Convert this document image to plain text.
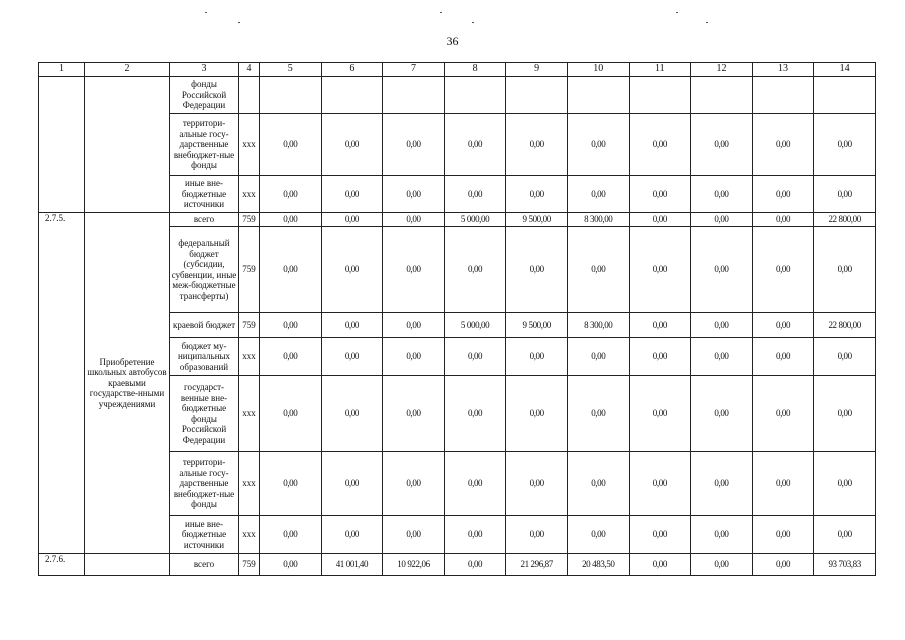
36
1	2	3	4	5	6	7	8	9	10	11	12	13	14
		фонды Российской Федерации											
		территори-альные госу-дарственные внебюджет-ные фонды	ххх	0,00	0,00	0,00	0,00	0,00	0,00	0,00	0,00	0,00	0,00
		иные вне-бюджетные источники	ххх	0,00	0,00	0,00	0,00	0,00	0,00	0,00	0,00	0,00	0,00
2.7.5.	Приобретение школьных автобусов краевыми государстве-нными учреждениями	всего	759	0,00	0,00	0,00	5 000,00	9 500,00	8 300,00	0,00	0,00	0,00	22 800,00
		федеральный бюджет (субсидии, субвенции, иные меж-бюджетные трансферты)	759	0,00	0,00	0,00	0,00	0,00	0,00	0,00	0,00	0,00	0,00
		краевой бюджет	759	0,00	0,00	0,00	5 000,00	9 500,00	8 300,00	0,00	0,00	0,00	22 800,00
		бюджет му-ниципальных образований	ххх	0,00	0,00	0,00	0,00	0,00	0,00	0,00	0,00	0,00	0,00
		государст-венные вне-бюджетные фонды Российской Федерации	ххх	0,00	0,00	0,00	0,00	0,00	0,00	0,00	0,00	0,00	0,00
		территори-альные госу-дарственные внебюджет-ные фонды	ххх	0,00	0,00	0,00	0,00	0,00	0,00	0,00	0,00	0,00	0,00
		иные вне-бюджетные источники	ххх	0,00	0,00	0,00	0,00	0,00	0,00	0,00	0,00	0,00	0,00
2.7.6.		всего	759	0,00	41 001,40	10 922,06	0,00	21 296,87	20 483,50	0,00	0,00	0,00	93 703,83
